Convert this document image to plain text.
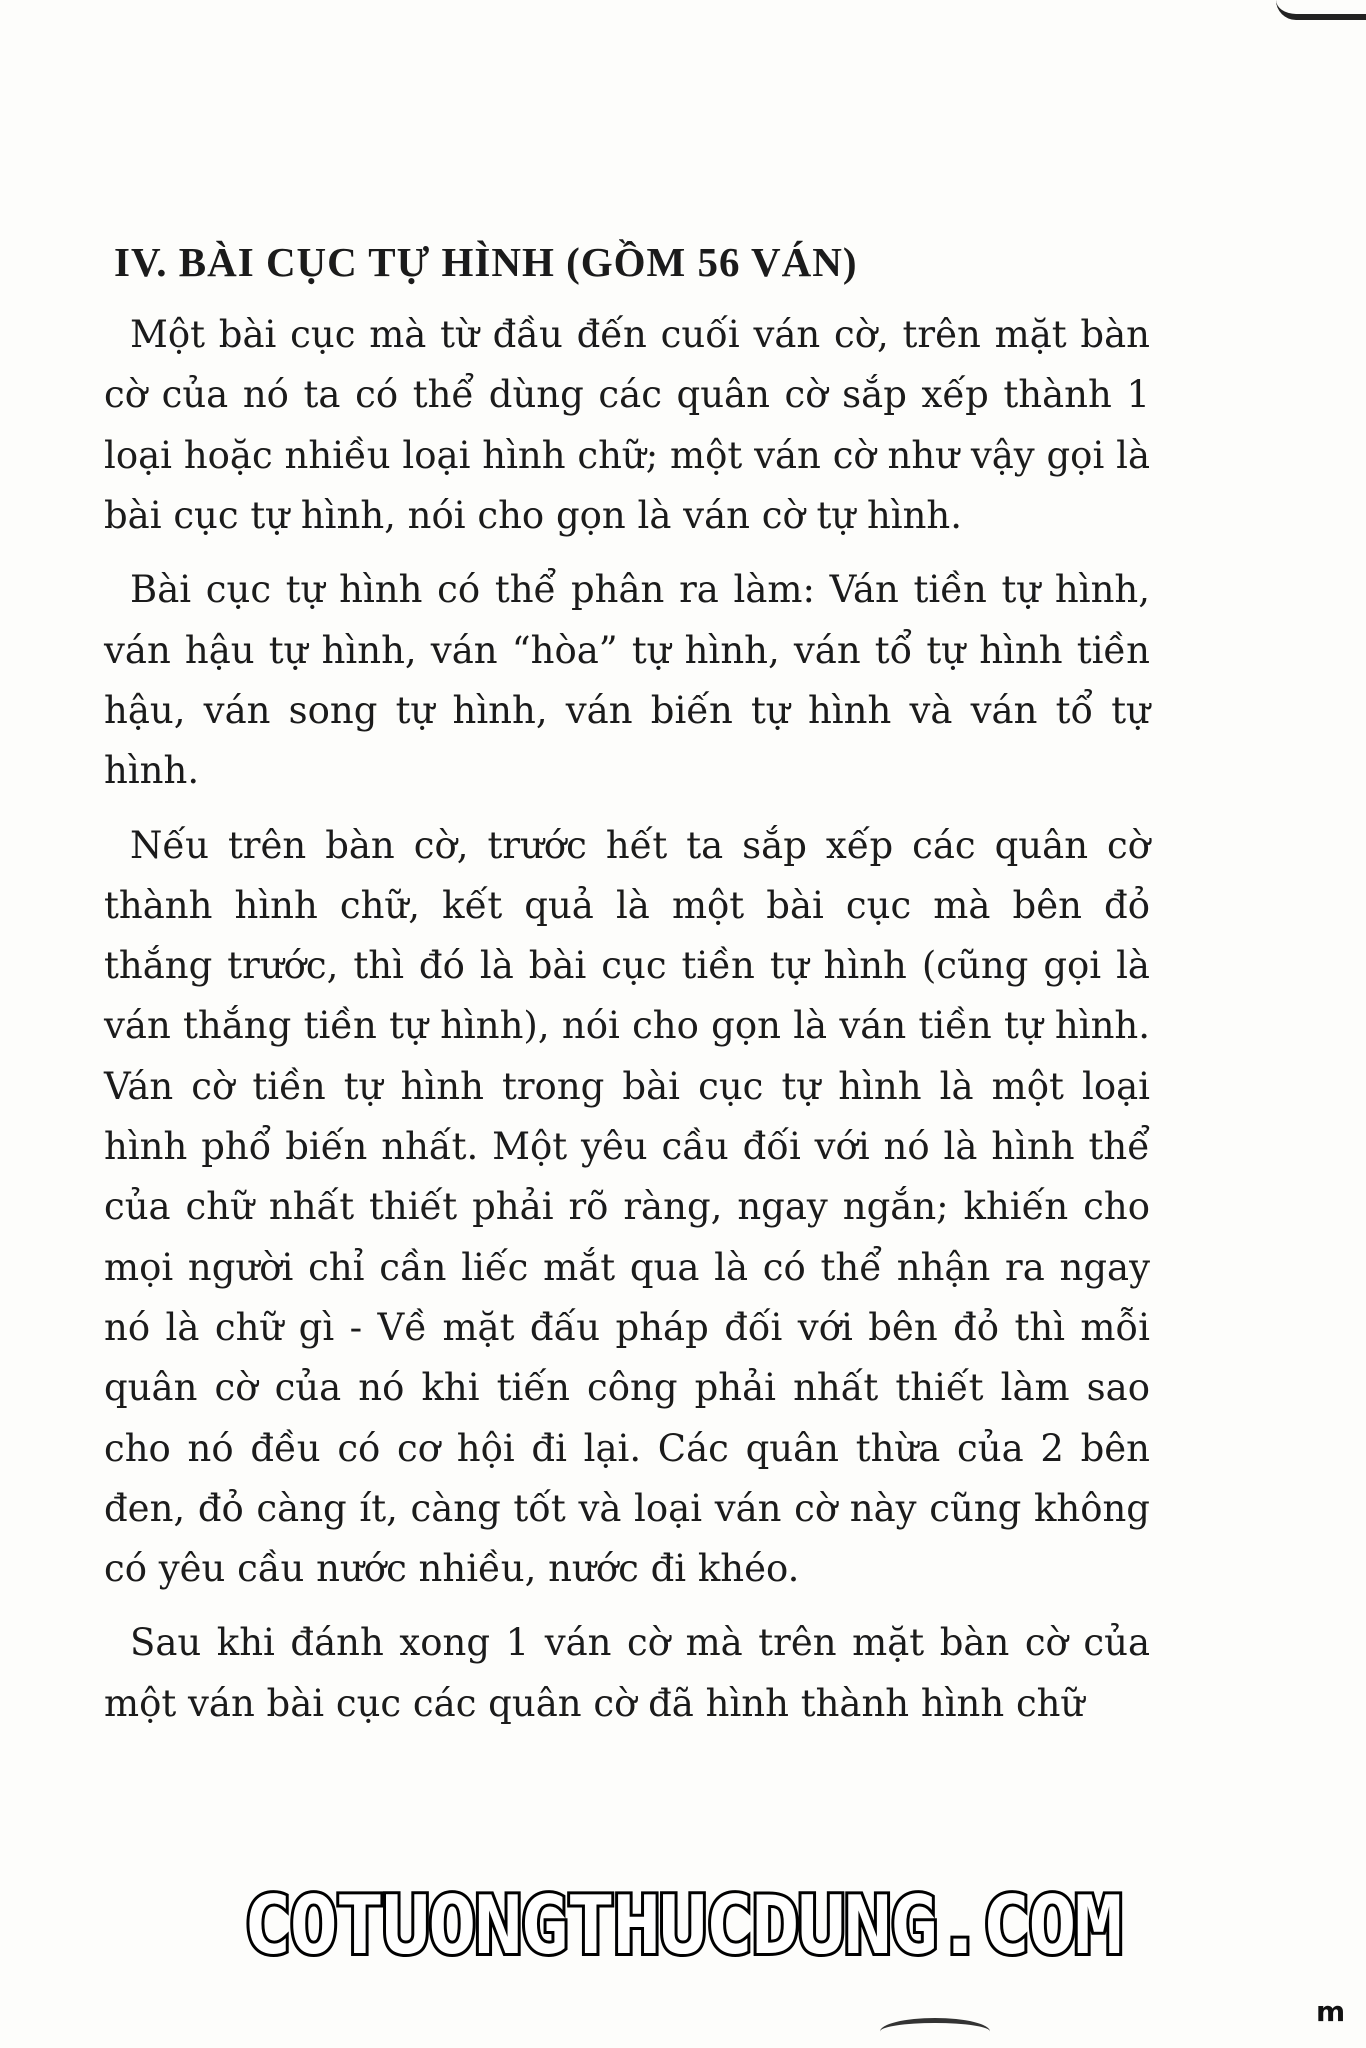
IV. BÀI CỤC TỰ HÌNH (GỒM 56 VÁN)

Một bài cục mà từ đầu đến cuối ván cờ, trên mặt bàn cờ của nó ta có thể dùng các quân cờ sắp xếp thành 1 loại hoặc nhiều loại hình chữ; một ván cờ như vậy gọi là bài cục tự hình, nói cho gọn là ván cờ tự hình.

Bài cục tự hình có thể phân ra làm: Ván tiền tự hình, ván hậu tự hình, ván “hòa” tự hình, ván tổ tự hình tiền hậu, ván song tự hình, ván biến tự hình và ván tổ tự hình.

Nếu trên bàn cờ, trước hết ta sắp xếp các quân cờ thành hình chữ, kết quả là một bài cục mà bên đỏ thắng trước, thì đó là bài cục tiền tự hình (cũng gọi là ván thắng tiền tự hình), nói cho gọn là ván tiền tự hình. Ván cờ tiền tự hình trong bài cục tự hình là một loại hình phổ biến nhất. Một yêu cầu đối với nó là hình thể của chữ nhất thiết phải rõ ràng, ngay ngắn; khiến cho mọi người chỉ cần liếc mắt qua là có thể nhận ra ngay nó là chữ gì - Về mặt đấu pháp đối với bên đỏ thì mỗi quân cờ của nó khi tiến công phải nhất thiết làm sao cho nó đều có cơ hội đi lại. Các quân thừa của 2 bên đen, đỏ càng ít, càng tốt và loại ván cờ này cũng không có yêu cầu nước nhiều, nước đi khéo.

Sau khi đánh xong 1 ván cờ mà trên mặt bàn cờ của một ván bài cục các quân cờ đã hình thành hình chữ

COTUONGTHUCDUNG.COM
m
